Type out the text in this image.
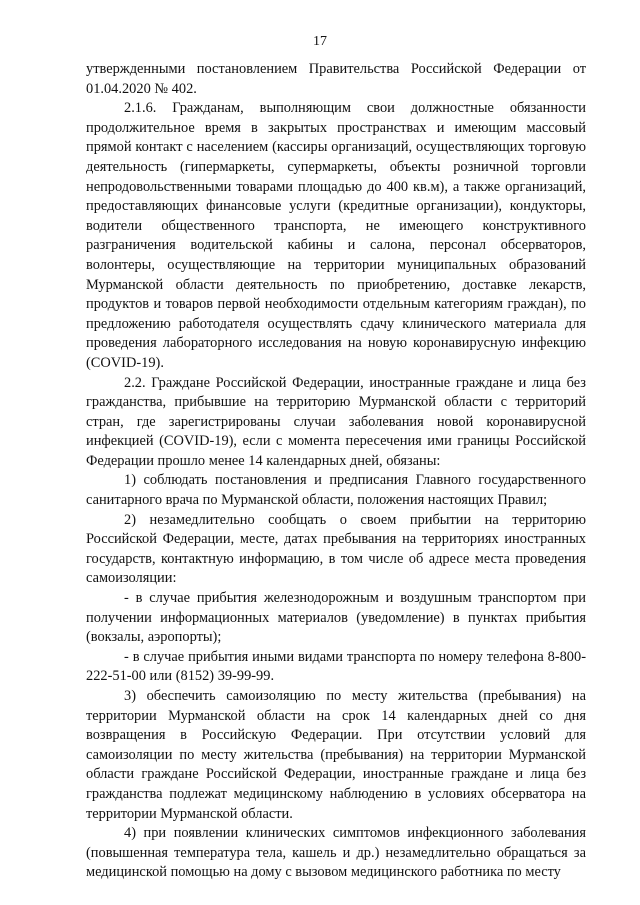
17

утвержденными постановлением Правительства Российской Федерации от 01.04.2020 № 402.

2.1.6. Гражданам, выполняющим свои должностные обязанности продолжительное время в закрытых пространствах и имеющим массовый прямой контакт с населением (кассиры организаций, осуществляющих торговую деятельность (гипермаркеты, супермаркеты, объекты розничной торговли непродовольственными товарами площадью до 400 кв.м), а также организаций, предоставляющих финансовые услуги (кредитные организации), кондукторы, водители общественного транспорта, не имеющего конструктивного разграничения водительской кабины и салона, персонал обсерваторов, волонтеры, осуществляющие на территории муниципальных образований Мурманской области деятельность по приобретению, доставке лекарств, продуктов и товаров первой необходимости отдельным категориям граждан), по предложению работодателя осуществлять сдачу клинического материала для проведения лабораторного исследования на новую коронавирусную инфекцию (COVID-19).

2.2. Граждане Российской Федерации, иностранные граждане и лица без гражданства, прибывшие на территорию Мурманской области с территорий стран, где зарегистрированы случаи заболевания новой коронавирусной инфекцией (COVID-19), если с момента пересечения ими границы Российской Федерации прошло менее 14 календарных дней, обязаны:

1) соблюдать постановления и предписания Главного государственного санитарного врача по Мурманской области, положения настоящих Правил;

2) незамедлительно сообщать о своем прибытии на территорию Российской Федерации, месте, датах пребывания на территориях иностранных государств, контактную информацию, в том числе об адресе места проведения самоизоляции:

- в случае прибытия железнодорожным и воздушным транспортом при получении информационных материалов (уведомление) в пунктах прибытия (вокзалы, аэропорты);

- в случае прибытия иными видами транспорта по номеру телефона 8-800-222-51-00 или (8152) 39-99-99.

3) обеспечить самоизоляцию по месту жительства (пребывания) на территории Мурманской области на срок 14 календарных дней со дня возвращения в Российскую Федерации. При отсутствии условий для самоизоляции по месту жительства (пребывания) на территории Мурманской области граждане Российской Федерации, иностранные граждане и лица без гражданства подлежат медицинскому наблюдению в условиях обсерватора на территории Мурманской области.

4) при появлении клинических симптомов инфекционного заболевания (повышенная температура тела, кашель и др.) незамедлительно обращаться за медицинской помощью на дому с вызовом медицинского работника по месту
